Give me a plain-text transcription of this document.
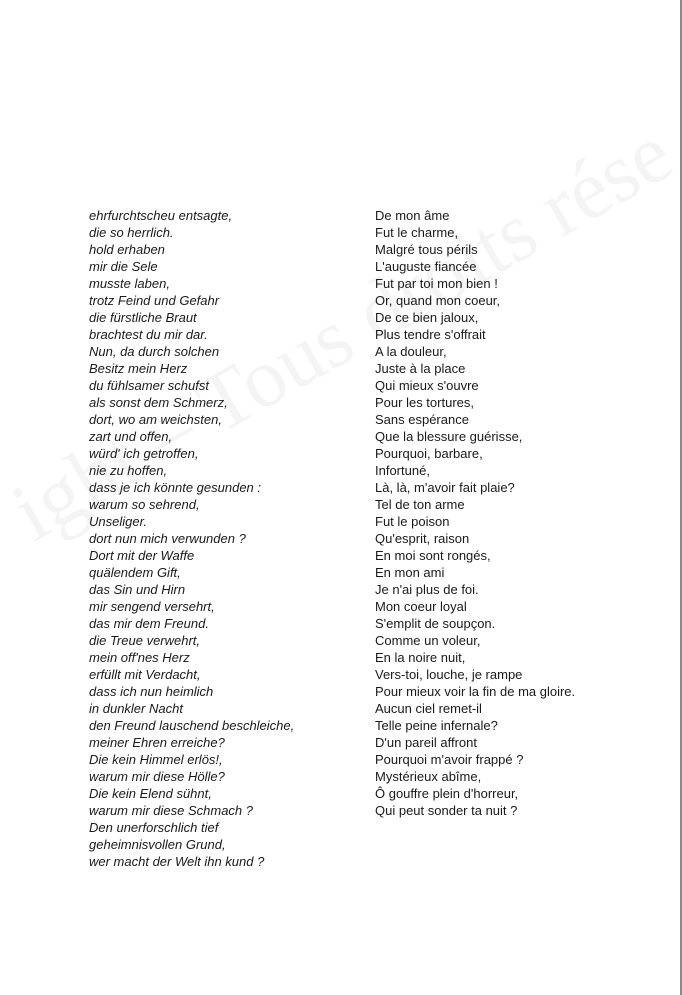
ehrfurchtscheu entsagte,
die so herrlich.
hold erhaben
mir die Sele
musste laben,
trotz Feind und Gefahr
die fürstliche Braut
brachtest du mir dar.
Nun, da durch solchen
Besitz mein Herz
du fühlsamer schufst
als sonst dem Schmerz,
dort, wo am weichsten,
zart und offen,
würd' ich getroffen,
nie zu hoffen,
dass je ich könnte gesunden :
warum so sehrend,
Unseliger.
dort nun mich verwunden ?
Dort mit der Waffe
quälendem Gift,
das Sin und Hirn
mir sengend versehrt,
das mir dem Freund.
die Treue verwehrt,
mein off'nes Herz
erfüllt mit Verdacht,
dass ich nun heimlich
in dunkler Nacht
den Freund lauschend beschleiche,
meiner Ehren erreiche?
Die kein Himmel erlös!,
warum mir diese Hölle?
Die kein Elend sühnt,
warum mir diese Schmach ?
Den unerforschlich tief
geheimnisvollen Grund,
wer macht der Welt ihn kund ?
De mon âme
Fut le charme,
Malgré tous périls
L'auguste fiancée
Fut par toi mon bien !
Or, quand mon coeur,
De ce bien jaloux,
Plus tendre s'offrait
A la douleur,
Juste à la place
Qui mieux s'ouvre
Pour les tortures,
Sans espérance
Que la blessure guérisse,
Pourquoi, barbare,
Infortuné,
Là, là, m'avoir fait plaie?
Tel de ton arme
Fut le poison
Qu'esprit, raison
En moi sont rongés,
En mon ami
Je n'ai plus de foi.
Mon coeur loyal
S'emplit de soupçon.
Comme un voleur,
En la noire nuit,
Vers-toi, louche, je rampe
Pour mieux voir la fin de ma gloire.
Aucun ciel remet-il
Telle peine infernale?
D'un pareil affront
Pourquoi m'avoir frappé ?
Mystérieux abîme,
Ô gouffre plein d'horreur,
Qui peut sonder ta nuit ?
